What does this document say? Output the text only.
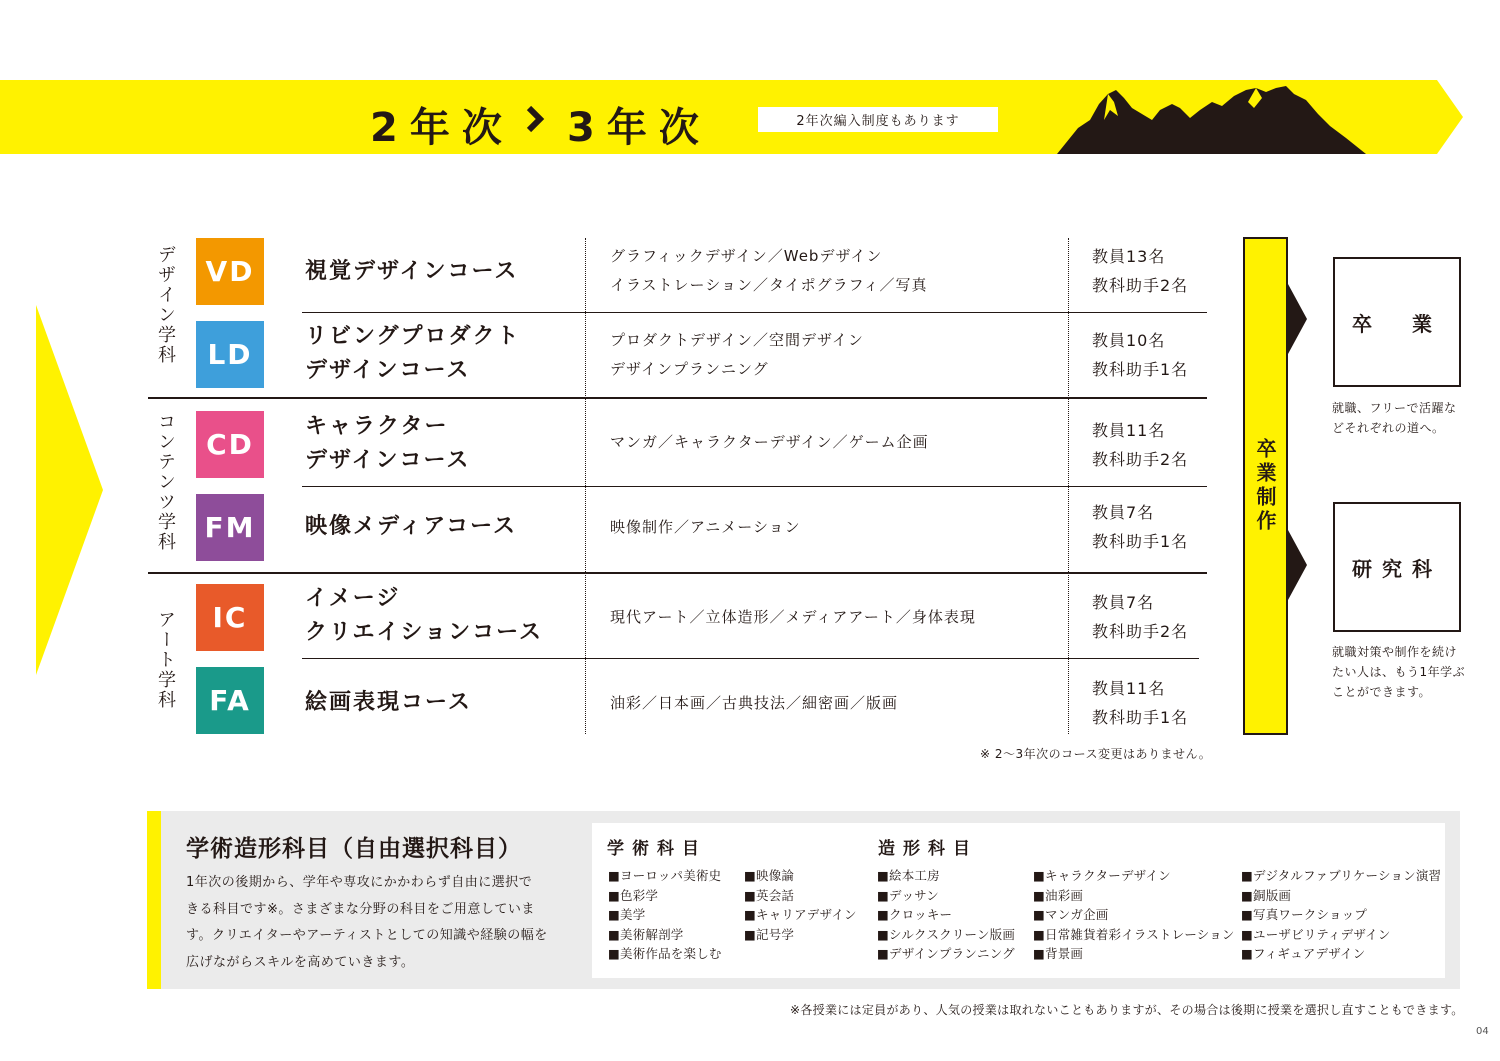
2年次 3年次	2年次編入制度もあります
デザイン学科
コンテンツ学科
アート学科
VD
LD
CD
FM
IC
FA
視覚デザインコース
リビングプロダクト
デザインコース
キャラクター
デザインコース
映像メディアコース
イメージ
クリエイションコース
絵画表現コース
グラフィックデザイン／Webデザイン
イラストレーション／タイポグラフィ／写真
プロダクトデザイン／空間デザイン
デザインプランニング
マンガ／キャラクターデザイン／ゲーム企画
映像制作／アニメーション
現代アート／立体造形／メディアアート／身体表現
油彩／日本画／古典技法／細密画／版画
教員13名
教科助手2名
教員10名
教科助手1名
教員11名
教科助手2名
教員7名
教科助手1名
教員7名
教科助手2名
教員11名
教科助手1名
※ 2〜3年次のコース変更はありません。
卒業制作
卒　業
就職、フリーで活躍な
どそれぞれの道へ。
研究科
就職対策や制作を続け
たい人は、もう1年学ぶ
ことができます。
学術造形科目（自由選択科目）
1年次の後期から、学年や専攻にかかわらず自由に選択で
きる科目です※。さまざまな分野の科目をご用意していま
す。クリエイターやアーティストとしての知識や経験の幅を
広げながらスキルを高めていきます。
学術科目	造形科目
■ヨーロッパ美術史
■色彩学
■美学
■美術解剖学
■美術作品を楽しむ
■映像論
■英会話
■キャリアデザイン
■記号学
■絵本工房
■デッサン
■クロッキー
■シルクスクリーン版画
■デザインプランニング
■キャラクターデザイン
■油彩画
■マンガ企画
■日常雑貨着彩イラストレーション
■背景画
■デジタルファブリケーション演習
■銅版画
■写真ワークショップ
■ユーザビリティデザイン
■フィギュアデザイン
※各授業には定員があり、人気の授業は取れないこともありますが、その場合は後期に授業を選択し直すこともできます。
04
